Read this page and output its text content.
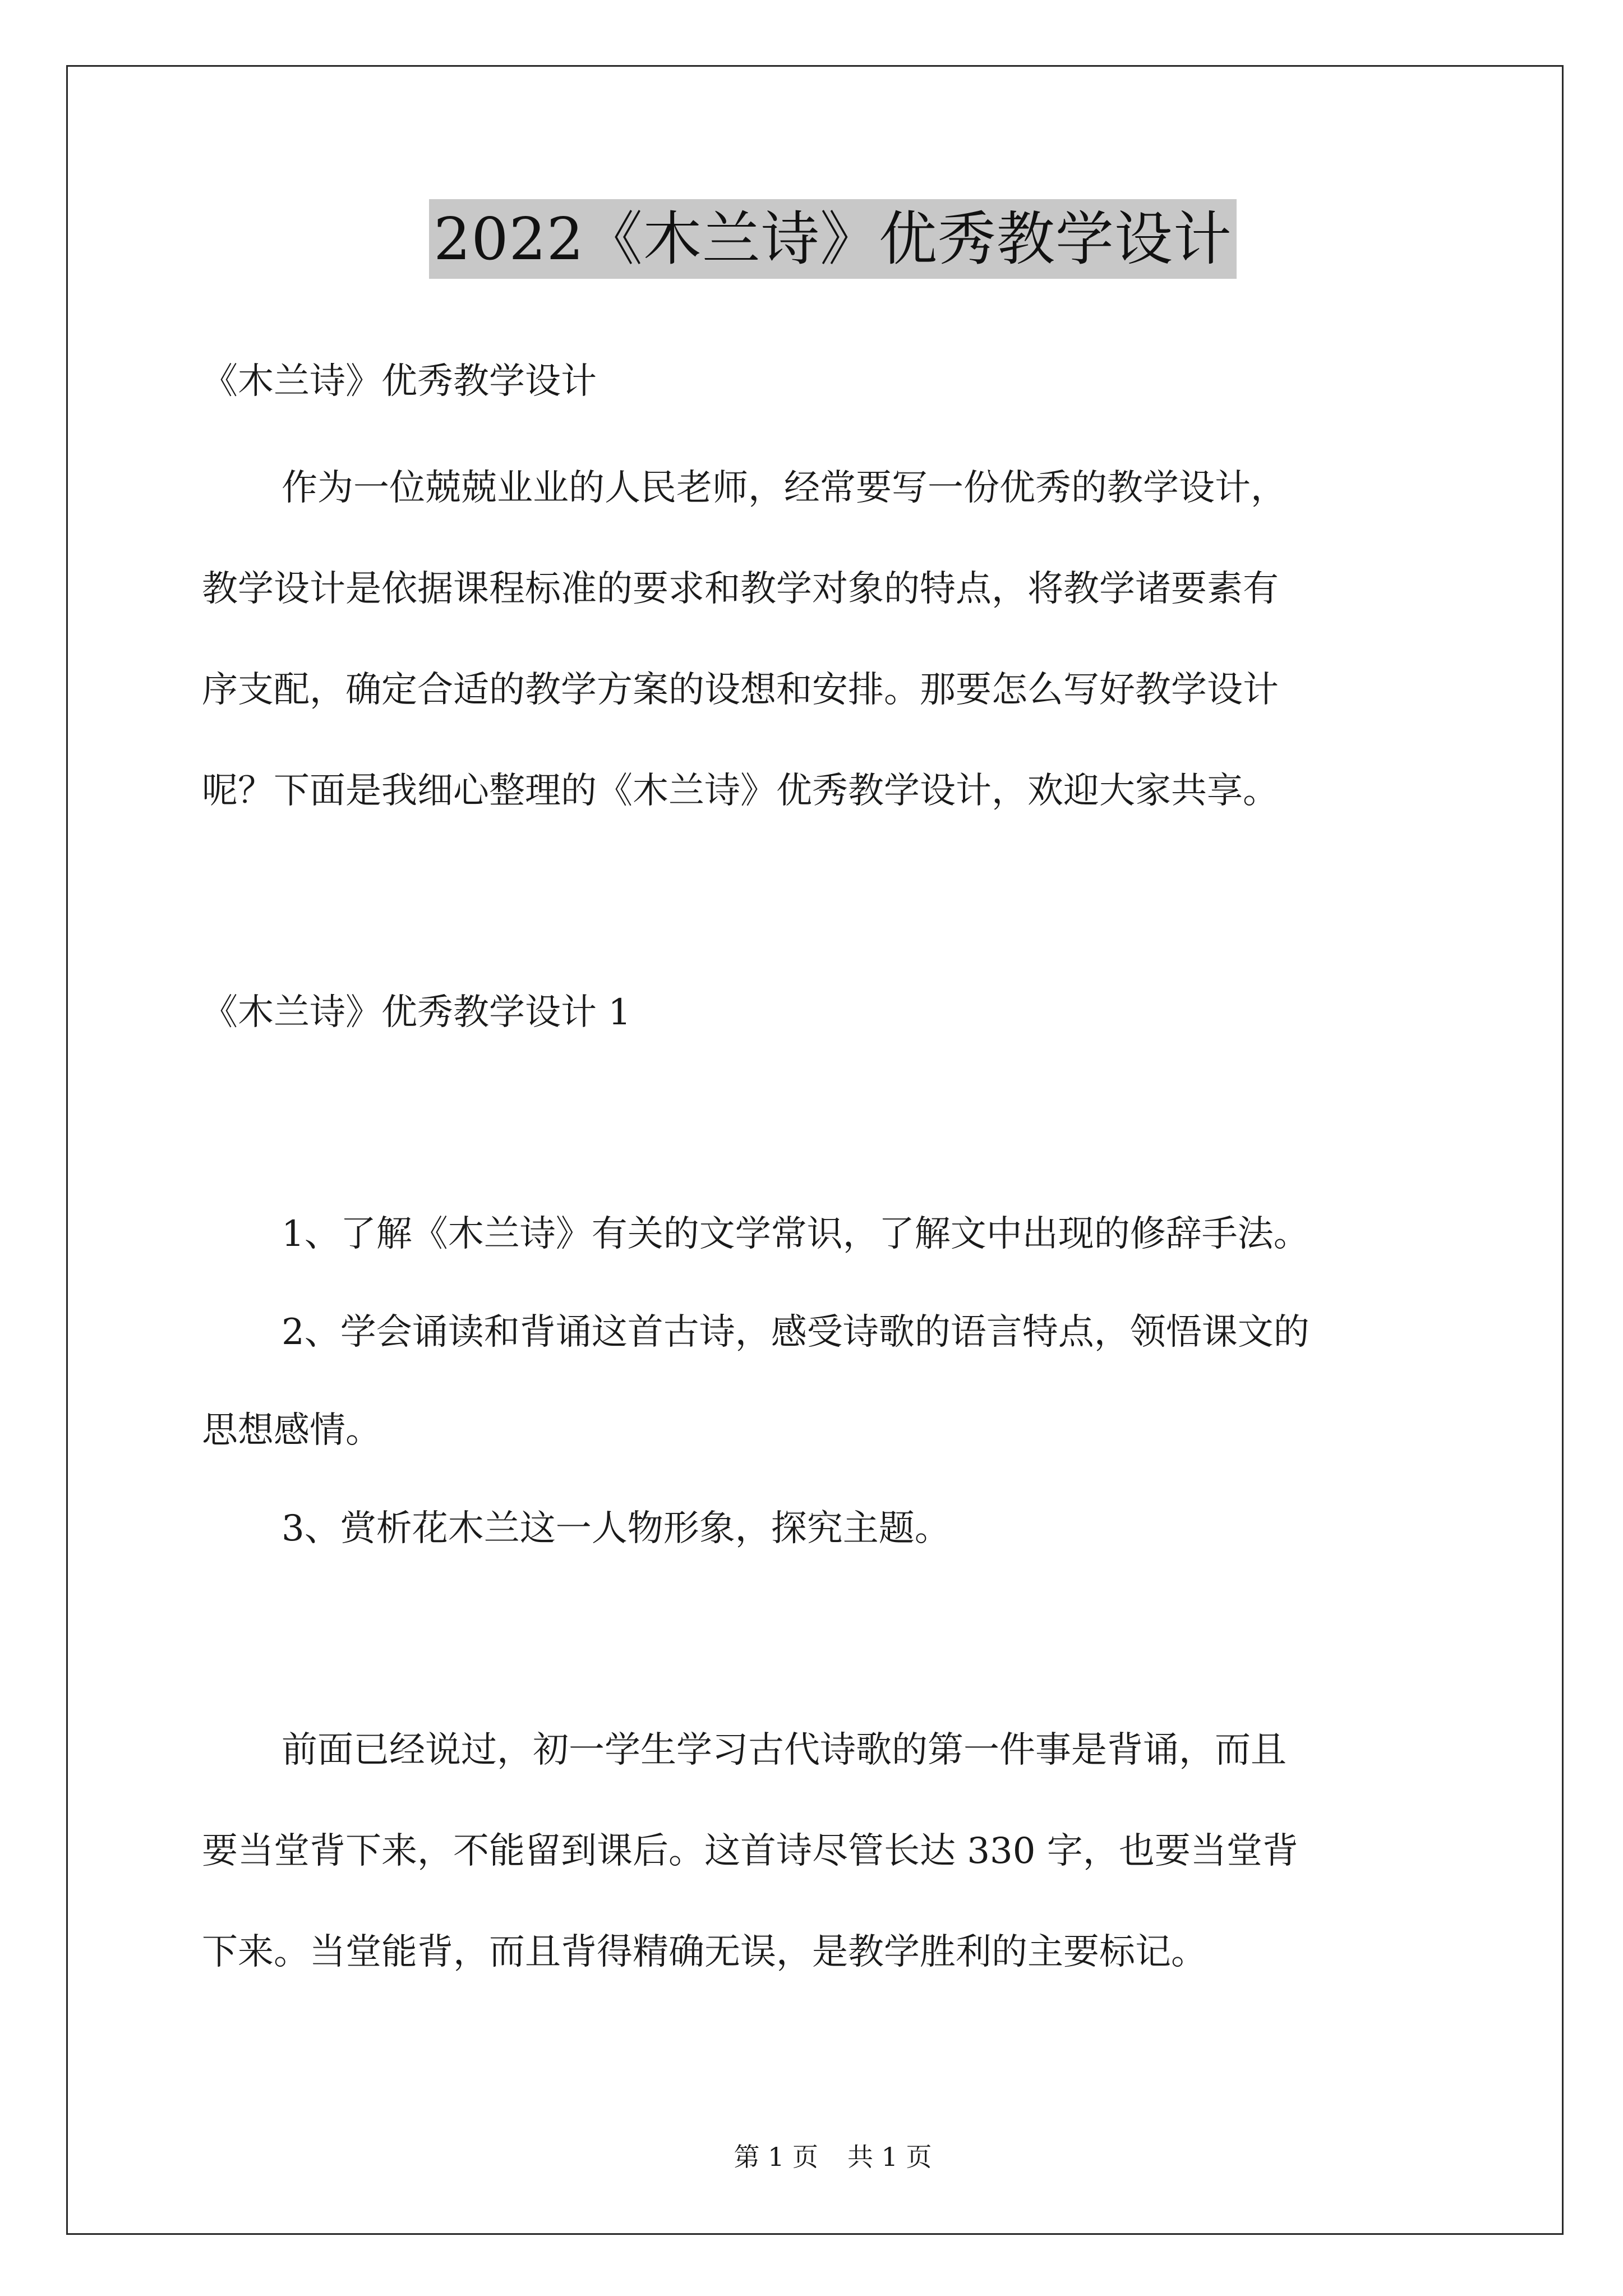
2022《木兰诗》优秀教学设计
《木兰诗》优秀教学设计
作为一位兢兢业业的人民老师，经常要写一份优秀的教学设计，
教学设计是依据课程标准的要求和教学对象的特点，将教学诸要素有
序支配，确定合适的教学方案的设想和安排。那要怎么写好教学设计
呢？下面是我细心整理的《木兰诗》优秀教学设计，欢迎大家共享。
《木兰诗》优秀教学设计 1
1、了解《木兰诗》有关的文学常识，了解文中出现的修辞手法。
2、学会诵读和背诵这首古诗，感受诗歌的语言特点，领悟课文的
思想感情。
3、赏析花木兰这一人物形象，探究主题。
前面已经说过，初一学生学习古代诗歌的第一件事是背诵，而且
要当堂背下来，不能留到课后。这首诗尽管长达 330 字，也要当堂背
下来。当堂能背，而且背得精确无误，是教学胜利的主要标记。
第 1 页 共 1 页
